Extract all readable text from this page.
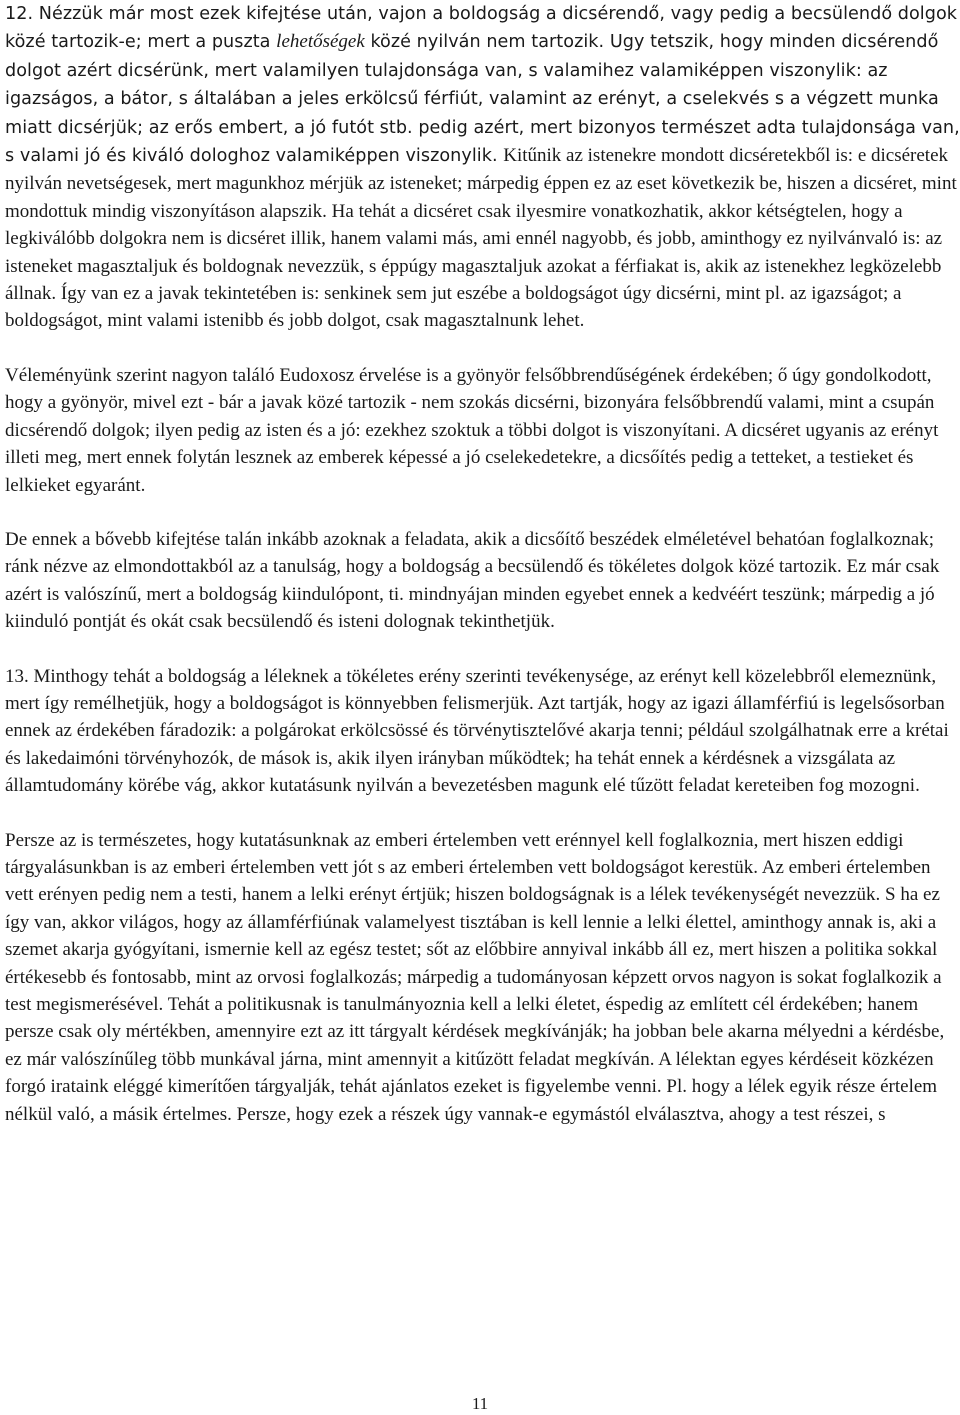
12. Nézzük már most ezek kifejtése után, vajon a boldogság a dicsérendő, vagy pedig a becsülendő dolgok közé tartozik-e; mert a puszta lehetőségek közé nyilván nem tartozik. Ugy tetszik, hogy minden dicsérendő dolgot azért dicsérünk, mert valamilyen tulajdonsága van, s valamihez valamiképpen viszonylik: az igazságos, a bátor, s általában a jeles erkölcsű férfiút, valamint az erényt, a cselekvés s a végzett munka miatt dicsérjük; az erős embert, a jó futót stb. pedig azért, mert bizonyos természet adta tulajdonsága van, s valami jó és kiváló dologhoz valamiképpen viszonylik. Kitűnik az istenekre mondott dicséretekből is: e dicséretek nyilván nevetségesek, mert magunkhoz mérjük az isteneket; márpedig éppen ez az eset következik be, hiszen a dicséret, mint mondottuk mindig viszonyításon alapszik. Ha tehát a dicséret csak ilyesmire vonatkozhatik, akkor kétségtelen, hogy a legkiválóbb dolgokra nem is dicséret illik, hanem valami más, ami ennél nagyobb, és jobb, aminthogy ez nyilvánvaló is: az isteneket magasztaljuk és boldognak nevezzük, s éppúgy magasztaljuk azokat a férfiakat is, akik az istenekhez legközelebb állnak. Így van ez a javak tekintetében is: senkinek sem jut eszébe a boldogságot úgy dicsérni, mint pl. az igazságot; a boldogságot, mint valami istenibb és jobb dolgot, csak magasztalnunk lehet.

Véleményünk szerint nagyon találó Eudoxosz érvelése is a gyönyör felsőbbrendűségének érdekében; ő úgy gondolkodott, hogy a gyönyör, mivel ezt - bár a javak közé tartozik - nem szokás dicsérni, bizonyára felsőbbrendű valami, mint a csupán dicsérendő dolgok; ilyen pedig az isten és a jó: ezekhez szoktuk a többi dolgot is viszonyítani. A dicséret ugyanis az erényt illeti meg, mert ennek folytán lesznek az emberek képessé a jó cselekedetekre, a dicsőítés pedig a tetteket, a testieket és lelkieket egyaránt.

De ennek a bővebb kifejtése talán inkább azoknak a feladata, akik a dicsőítő beszédek elméletével behatóan foglalkoznak; ránk nézve az elmondottakból az a tanulság, hogy a boldogság a becsülendő és tökéletes dolgok közé tartozik. Ez már csak azért is valószínű, mert a boldogság kiindulópont, ti. mindnyájan minden egyebet ennek a kedvéért teszünk; márpedig a jó kiinduló pontját és okát csak becsülendő és isteni dolognak tekinthetjük.

13. Minthogy tehát a boldogság a léleknek a tökéletes erény szerinti tevékenysége, az erényt kell közelebbről elemeznünk, mert így remélhetjük, hogy a boldogságot is könnyebben felismerjük. Azt tartják, hogy az igazi államférfiú is legelsősorban ennek az érdekében fáradozik: a polgárokat erkölcsössé és törvénytisztelővé akarja tenni; például szolgálhatnak erre a krétai és lakedaimóni törvényhozók, de mások is, akik ilyen irányban működtek; ha tehát ennek a kérdésnek a vizsgálata az államtudomány körébe vág, akkor kutatásunk nyilván a bevezetésben magunk elé tűzött feladat kereteiben fog mozogni.

Persze az is természetes, hogy kutatásunknak az emberi értelemben vett erénnyel kell foglalkoznia, mert hiszen eddigi tárgyalásunkban is az emberi értelemben vett jót s az emberi értelemben vett boldogságot kerestük. Az emberi értelemben vett erényen pedig nem a testi, hanem a lelki erényt értjük; hiszen boldogságnak is a lélek tevékenységét nevezzük. S ha ez így van, akkor világos, hogy az államférfiúnak valamelyest tisztában is kell lennie a lelki élettel, aminthogy annak is, aki a szemet akarja gyógyítani, ismernie kell az egész testet; sőt az előbbire annyival inkább áll ez, mert hiszen a politika sokkal értékesebb és fontosabb, mint az orvosi foglalkozás; márpedig a tudományosan képzett orvos nagyon is sokat foglalkozik a test megismerésével. Tehát a politikusnak is tanulmányoznia kell a lelki életet, éspedig az említett cél érdekében; hanem persze csak oly mértékben, amennyire ezt az itt tárgyalt kérdések megkívánják; ha jobban bele akarna mélyedni a kérdésbe, ez már valószínűleg több munkával járna, mint amennyit a kitűzött feladat megkíván. A lélektan egyes kérdéseit közkézen forgó irataink eléggé kimerítően tárgyalják, tehát ajánlatos ezeket is figyelembe venni. Pl. hogy a lélek egyik része értelem nélkül való, a másik értelmes. Persze, hogy ezek a részek úgy vannak-e egymástól elválasztva, ahogy a test részei, s

11
